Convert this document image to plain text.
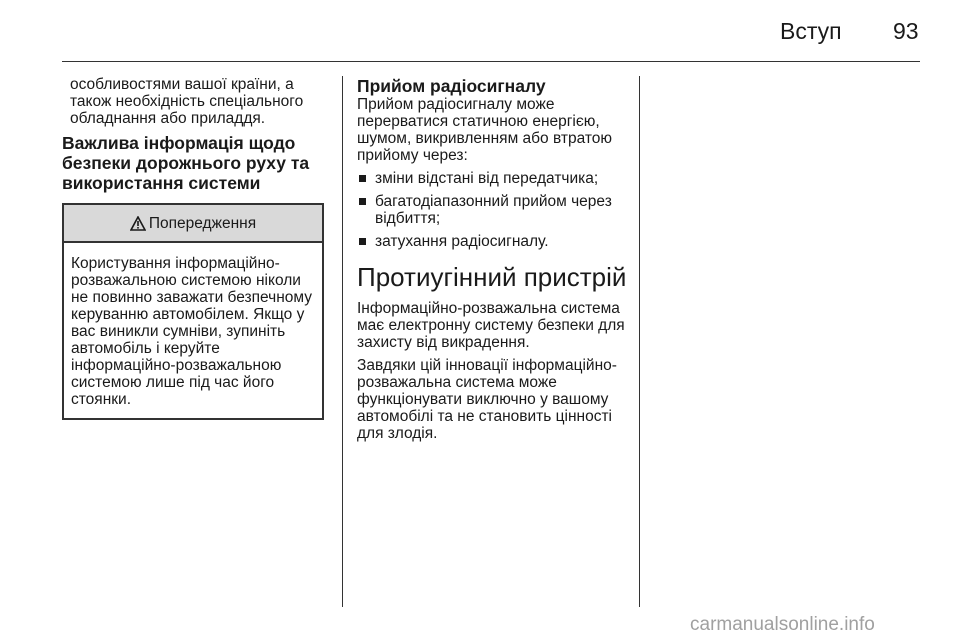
Вступ 93

особливостями вашої країни, а також необхідність спеціального обладнання або приладдя.

Важлива інформація щодо безпеки дорожнього руху та використання системи
Попередження
Користування інформаційно-розважальною системою ніколи не повинно заважати безпечному керуванню автомобілем. Якщо у вас виникли сумніви, зупиніть автомобіль і керуйте інформаційно-розважальною системою лише під час його стоянки.
Прийом радіосигналу

Прийом радіосигналу може перерватися статичною енергією, шумом, викривленням або втратою прийому через:

зміни відстані від передатчика;
багатодіапазонний прийом через відбиття;
затухання радіосигналу.
Протиугінний пристрій

Інформаційно-розважальна система має електронну систему безпеки для захисту від викрадення.

Завдяки цій інновації інформаційно-розважальна система може функціонувати виключно у вашому автомобілі та не становить цінності для злодія.

carmanualsonline.info
